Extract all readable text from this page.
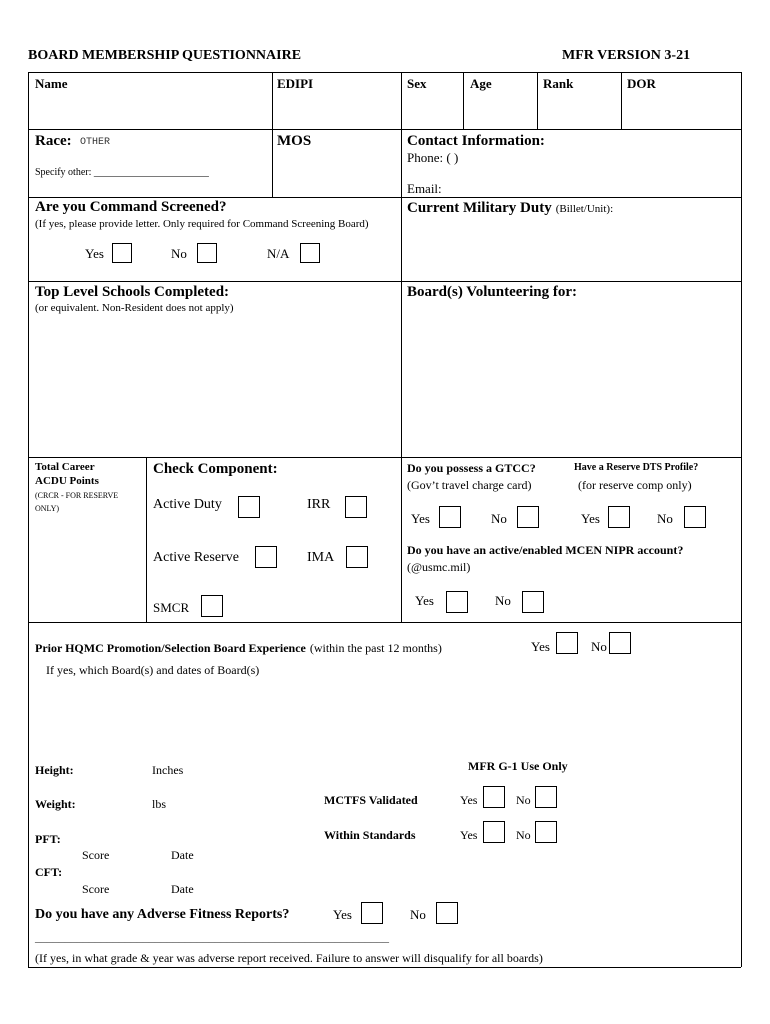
BOARD MEMBERSHIP QUESTIONNAIRE	MFR VERSION 3-21
Name	EDIPI	Sex	Age	Rank	DOR
Race: OTHER
Specify other: _______________________
MOS	Contact Information:
Phone: ( )
Email:
Are you Command Screened?
(If yes, please provide letter. Only required for Command Screening Board)
Yes	No	N/A
Current Military Duty (Billet/Unit):
Top Level Schools Completed:
(or equivalent. Non-Resident does not apply)
Board(s) Volunteering for:
Total Career
ACDU Points
(CRCR - FOR RESERVE
ONLY)
Check Component:
Active Duty	IRR
Active Reserve	IMA
SMCR
Do you possess a GTCC?
(Gov’t travel charge card)
Yes	No
Have a Reserve DTS Profile?
(for reserve comp only)
Yes	No
Do you have an active/enabled MCEN NIPR account?
(@usmc.mil)
Yes	No
Prior HQMC Promotion/Selection Board Experience (within the past 12 months)	Yes	No
If yes, which Board(s) and dates of Board(s)
Height:	Inches
Weight:	lbs
PFT:
Score	Date
CFT:
Score	Date
MFR G-1 Use Only
MCTFS Validated	Yes	No
Within Standards	Yes	No
Do you have any Adverse Fitness Reports?	Yes	No
___________________________________________________________
(If yes, in what grade & year was adverse report received. Failure to answer will disqualify for all boards)
